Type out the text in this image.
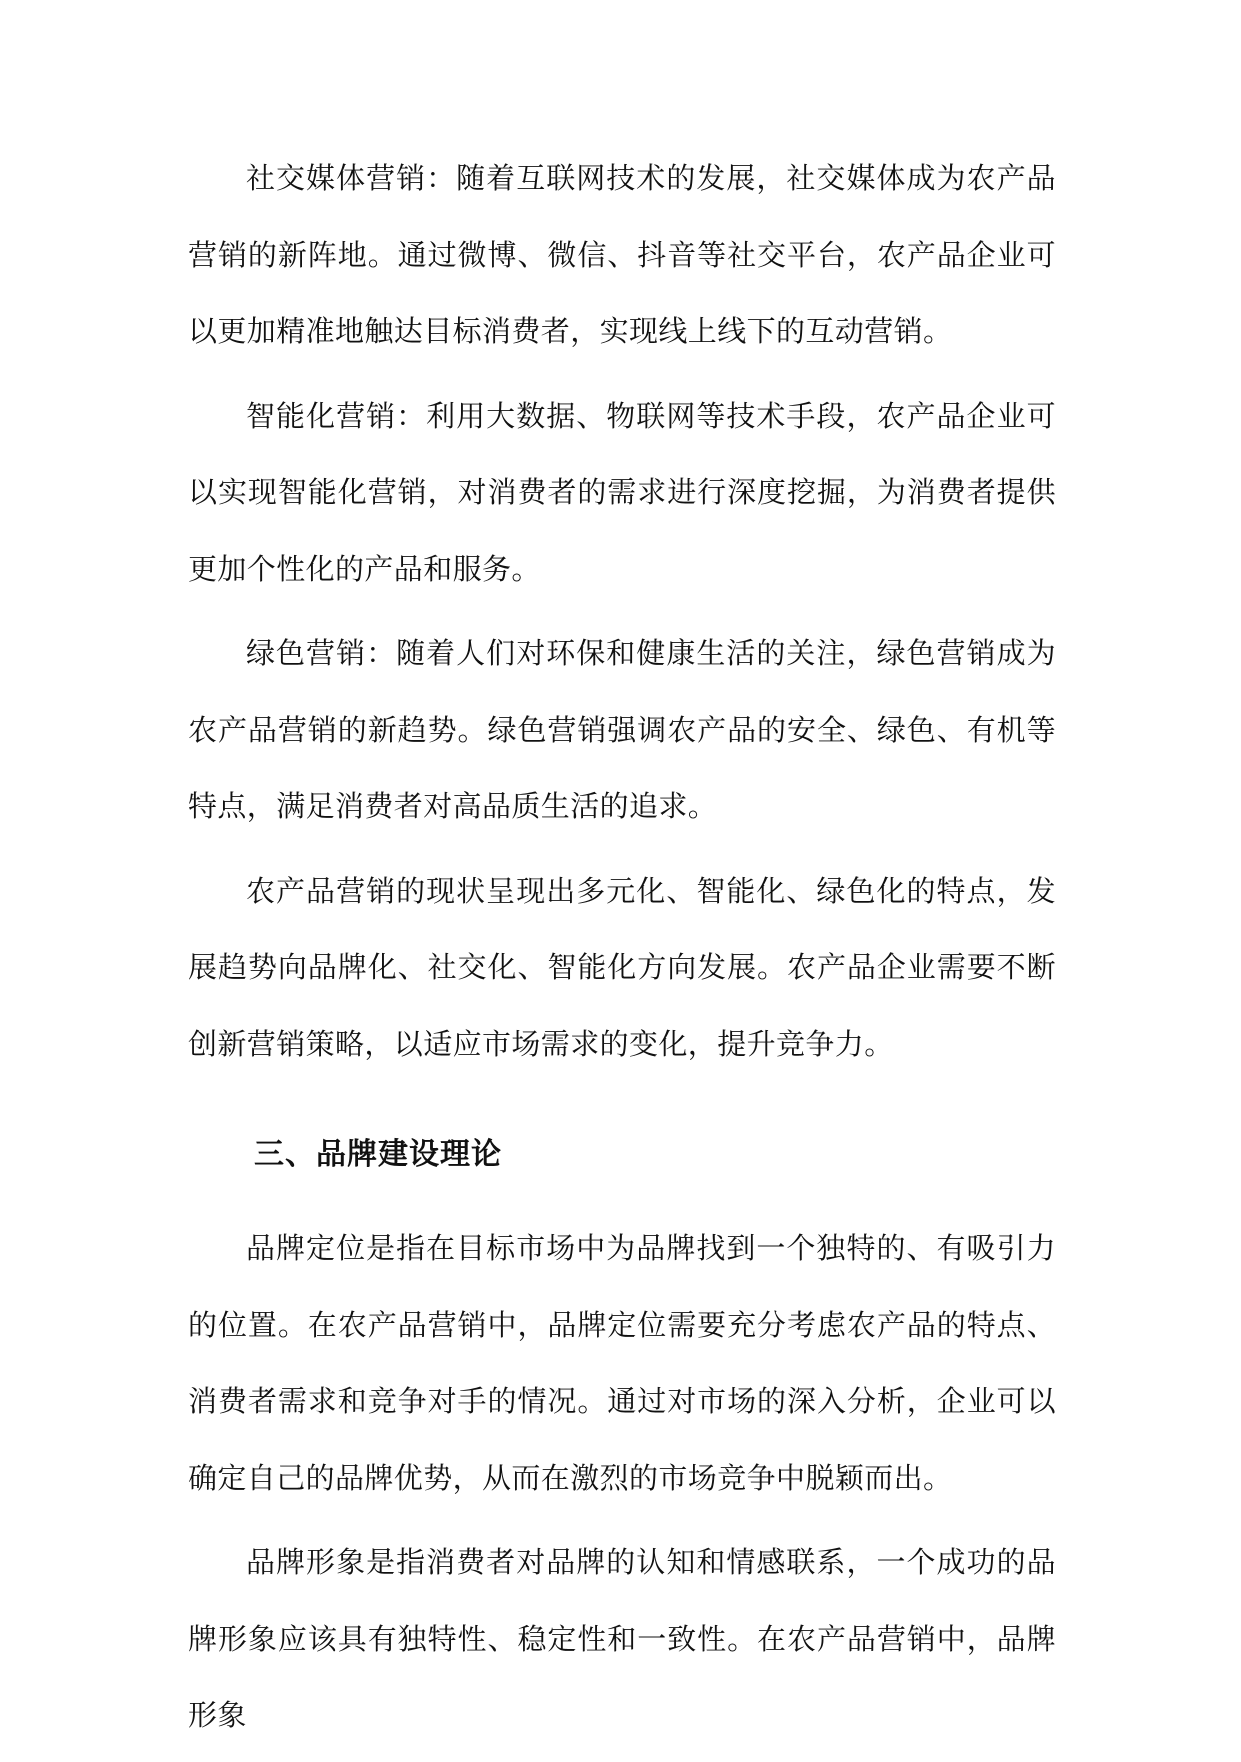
社交媒体营销：随着互联网技术的发展，社交媒体成为农产品营销的新阵地。通过微博、微信、抖音等社交平台，农产品企业可以更加精准地触达目标消费者，实现线上线下的互动营销。

智能化营销：利用大数据、物联网等技术手段，农产品企业可以实现智能化营销，对消费者的需求进行深度挖掘，为消费者提供更加个性化的产品和服务。

绿色营销：随着人们对环保和健康生活的关注，绿色营销成为农产品营销的新趋势。绿色营销强调农产品的安全、绿色、有机等特点，满足消费者对高品质生活的追求。

农产品营销的现状呈现出多元化、智能化、绿色化的特点，发展趋势向品牌化、社交化、智能化方向发展。农产品企业需要不断创新营销策略，以适应市场需求的变化，提升竞争力。

三、品牌建设理论

品牌定位是指在目标市场中为品牌找到一个独特的、有吸引力的位置。在农产品营销中，品牌定位需要充分考虑农产品的特点、消费者需求和竞争对手的情况。通过对市场的深入分析，企业可以确定自己的品牌优势，从而在激烈的市场竞争中脱颖而出。

品牌形象是指消费者对品牌的认知和情感联系，一个成功的品牌形象应该具有独特性、稳定性和一致性。在农产品营销中，品牌形象
